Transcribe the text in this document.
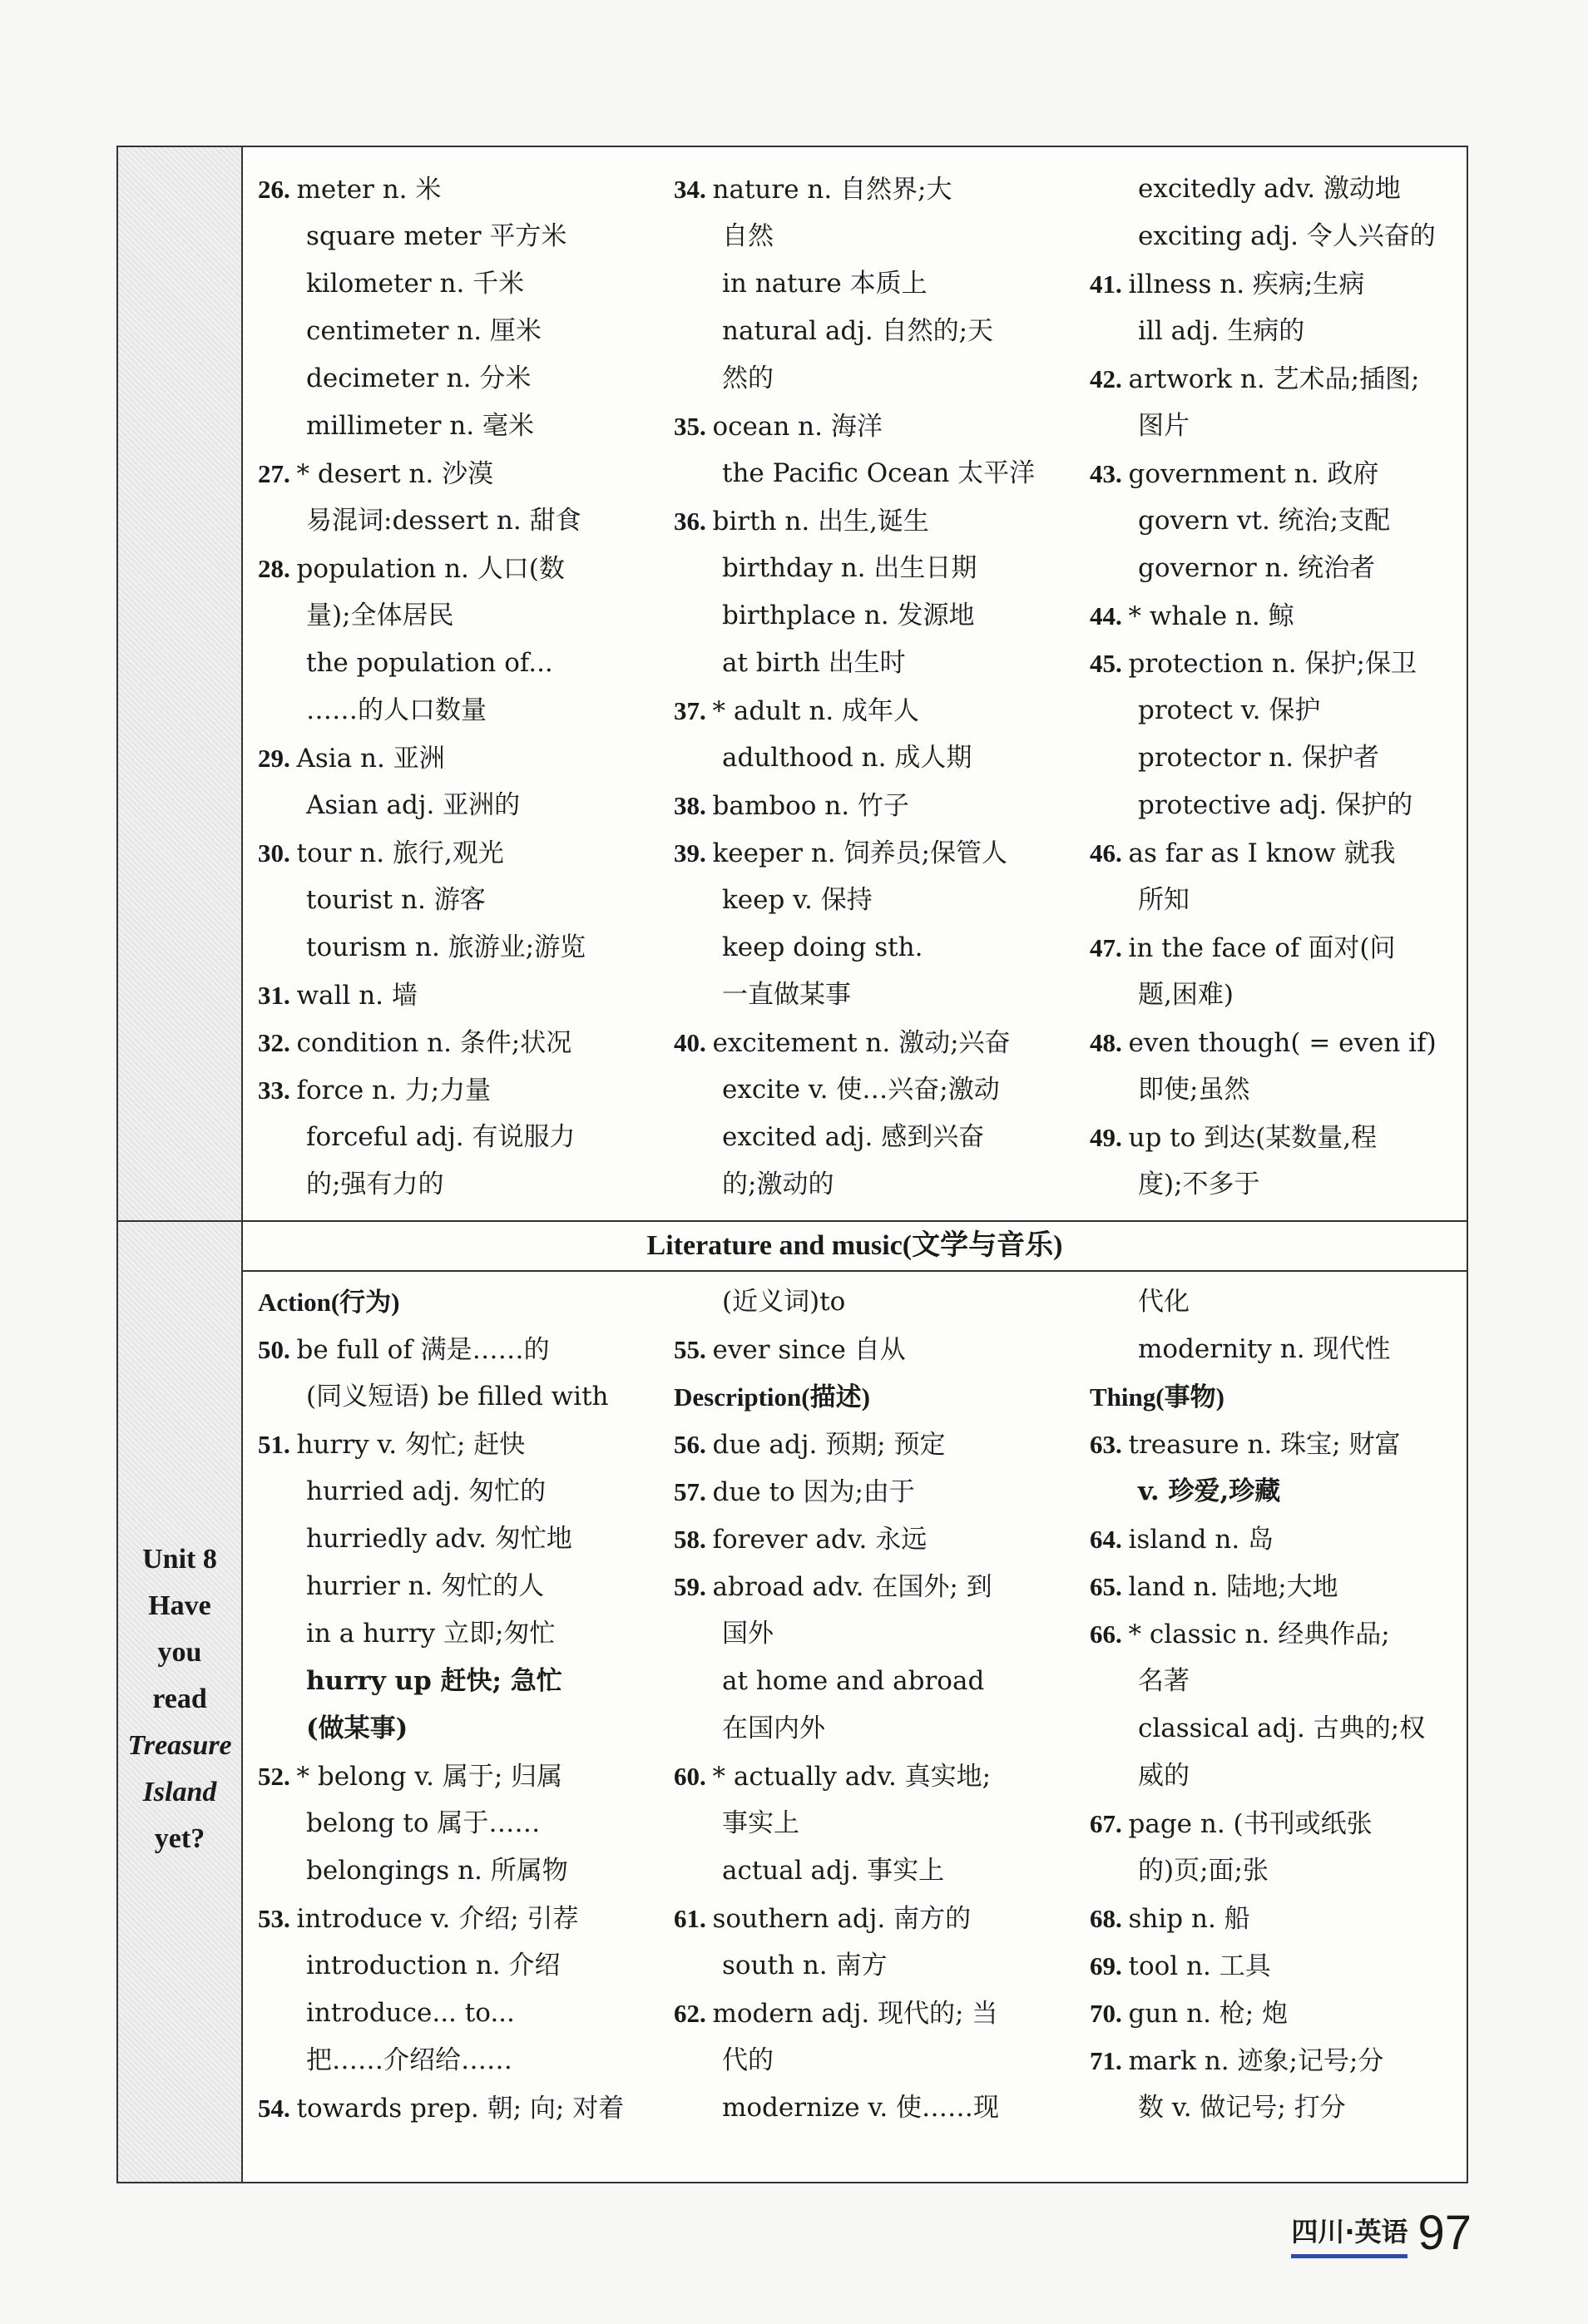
Unit 8
Have
you
read
Treasure
Island
yet?
Literature and music(文学与音乐)
26. meter n. 米
square meter 平方米
kilometer n. 千米
centimeter n. 厘米
decimeter n. 分米
millimeter n. 毫米
27. * desert n. 沙漠
易混词:dessert n. 甜食
28. population n. 人口(数
量);全体居民
the population of...
……的人口数量
29. Asia n. 亚洲
Asian adj. 亚洲的
30. tour n. 旅行,观光
tourist n. 游客
tourism n. 旅游业;游览
31. wall n. 墙
32. condition n. 条件;状况
33. force n. 力;力量
forceful adj. 有说服力
的;强有力的
34. nature n. 自然界;大
自然
in nature 本质上
natural adj. 自然的;天
然的
35. ocean n. 海洋
the Pacific Ocean 太平洋
36. birth n. 出生,诞生
birthday n. 出生日期
birthplace n. 发源地
at birth 出生时
37. * adult n. 成年人
adulthood n. 成人期
38. bamboo n. 竹子
39. keeper n. 饲养员;保管人
keep v. 保持
keep doing sth.
一直做某事
40. excitement n. 激动;兴奋
excite v. 使…兴奋;激动
excited adj. 感到兴奋
的;激动的
excitedly adv. 激动地
exciting adj. 令人兴奋的
41. illness n. 疾病;生病
ill adj. 生病的
42. artwork n. 艺术品;插图;
图片
43. government n. 政府
govern vt. 统治;支配
governor n. 统治者
44. * whale n. 鲸
45. protection n. 保护;保卫
protect v. 保护
protector n. 保护者
protective adj. 保护的
46. as far as I know 就我
所知
47. in the face of 面对(问
题,困难)
48. even though( = even if)
即使;虽然
49. up to 到达(某数量,程
度);不多于
Action(行为)
50. be full of 满是……的
(同义短语) be filled with
51. hurry v. 匆忙; 赶快
hurried adj. 匆忙的
hurriedly adv. 匆忙地
hurrier n. 匆忙的人
in a hurry 立即;匆忙
hurry up 赶快; 急忙
(做某事)
52. * belong v. 属于; 归属
belong to 属于……
belongings n. 所属物
53. introduce v. 介绍; 引荐
introduction n. 介绍
introduce... to...
把……介绍给……
54. towards prep. 朝; 向; 对着
(近义词)to
55. ever since 自从
Description(描述)
56. due adj. 预期; 预定
57. due to 因为;由于
58. forever adv. 永远
59. abroad adv. 在国外; 到
国外
at home and abroad
在国内外
60. * actually adv. 真实地;
事实上
actual adj. 事实上
61. southern adj. 南方的
south n. 南方
62. modern adj. 现代的; 当
代的
modernize v. 使……现
代化
modernity n. 现代性
Thing(事物)
63. treasure n. 珠宝; 财富
v. 珍爱,珍藏
64. island n. 岛
65. land n. 陆地;大地
66. * classic n. 经典作品;
名著
classical adj. 古典的;权
威的
67. page n. (书刊或纸张
的)页;面;张
68. ship n. 船
69. tool n. 工具
70. gun n. 枪; 炮
71. mark n. 迹象;记号;分
数 v. 做记号; 打分
四川·英语 97
